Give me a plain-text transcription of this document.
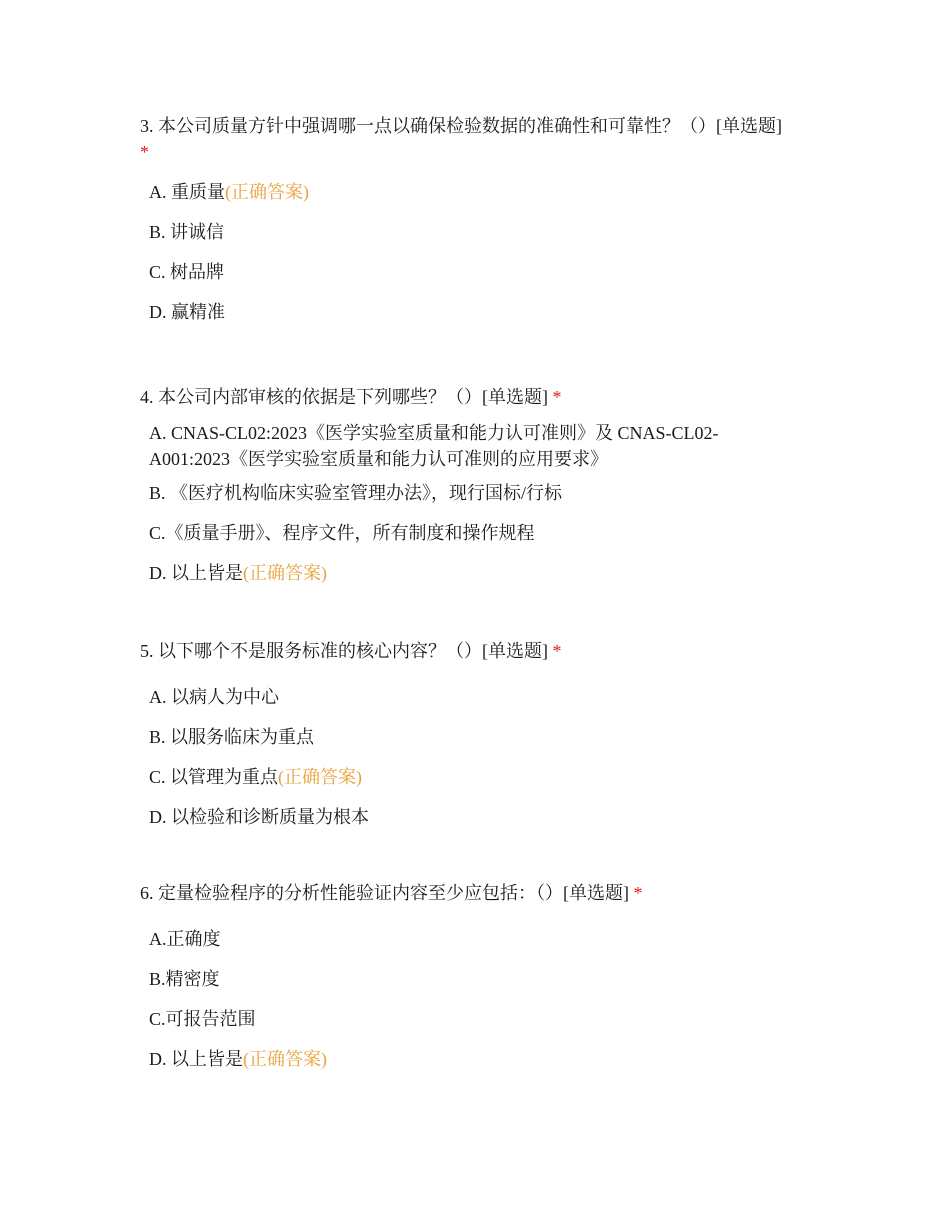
3. 本公司质量方针中强调哪一点以确保检验数据的准确性和可靠性？（）[单选题]
*

A. 重质量(正确答案)
B. 讲诚信
C. 树品牌
D. 赢精准

4. 本公司内部审核的依据是下列哪些？（）[单选题] *

A. CNAS-CL02:2023《医学实验室质量和能力认可准则》及 CNAS-CL02-A001:2023《医学实验室质量和能力认可准则的应用要求》
B. 《医疗机构临床实验室管理办法》，现行国标/行标
C.《质量手册》、程序文件，所有制度和操作规程
D. 以上皆是(正确答案)

5. 以下哪个不是服务标准的核心内容？（）[单选题] *

A. 以病人为中心
B. 以服务临床为重点
C. 以管理为重点(正确答案)
D. 以检验和诊断质量为根本

6. 定量检验程序的分析性能验证内容至少应包括：（）[单选题] *

A.正确度
B.精密度
C.可报告范围
D. 以上皆是(正确答案)
